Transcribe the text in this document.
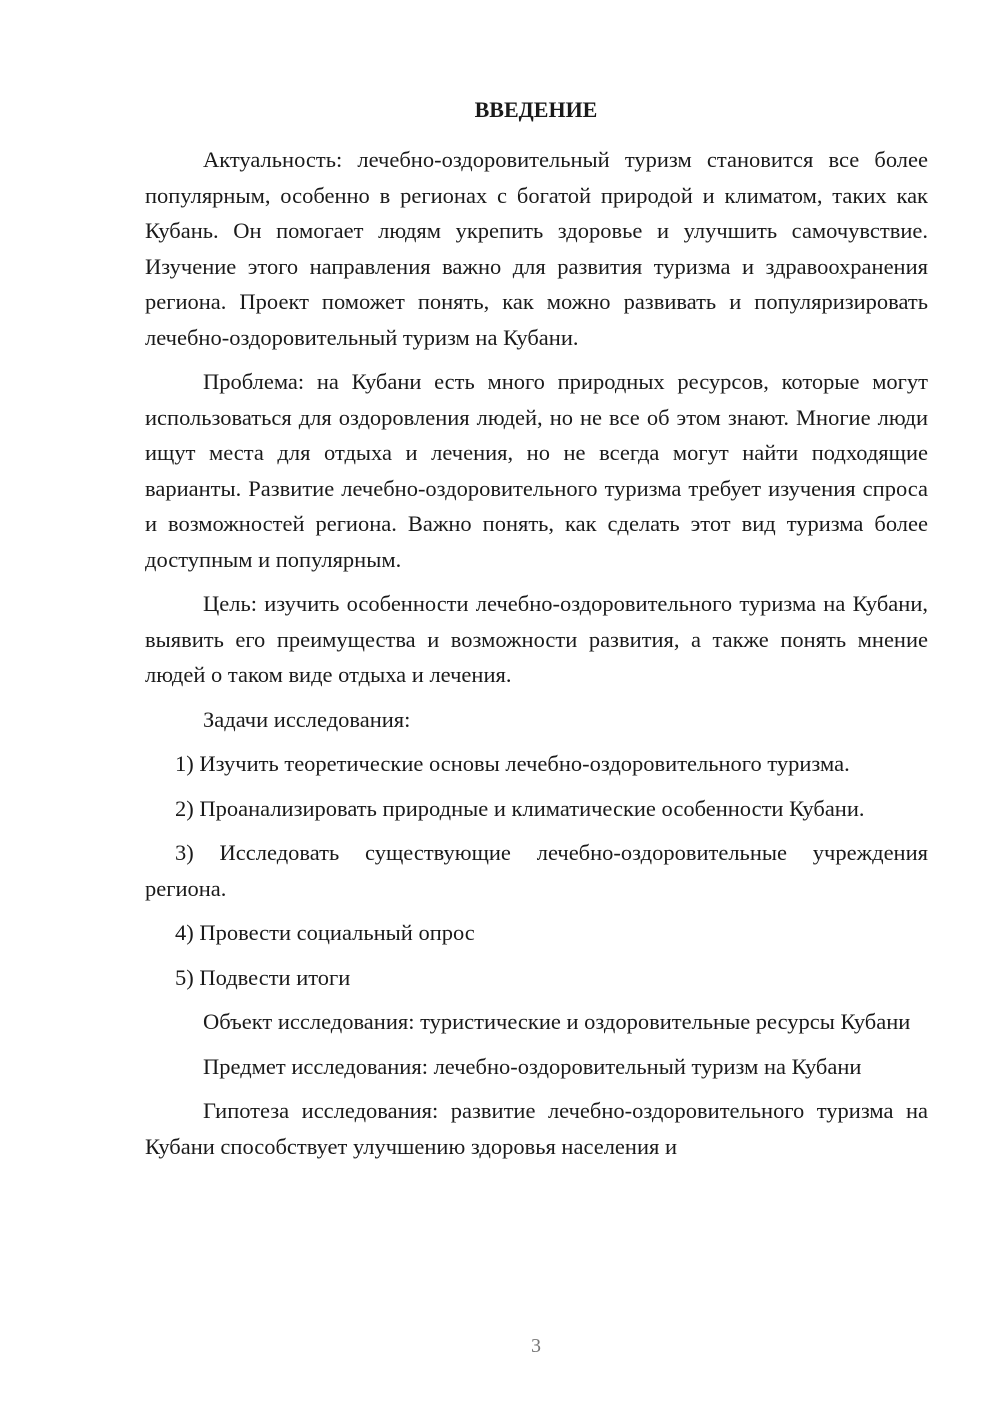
ВВЕДЕНИЕ

Актуальность: лечебно-оздоровительный туризм становится все более популярным, особенно в регионах с богатой природой и климатом, таких как Кубань. Он помогает людям укрепить здоровье и улучшить самочувствие. Изучение этого направления важно для развития туризма и здравоохранения региона. Проект поможет понять, как можно развивать и популяризировать лечебно-оздоровительный туризм на Кубани.

Проблема: на Кубани есть много природных ресурсов, которые могут использоваться для оздоровления людей, но не все об этом знают. Многие люди ищут места для отдыха и лечения, но не всегда могут найти подходящие варианты. Развитие лечебно-оздоровительного туризма требует изучения спроса и возможностей региона. Важно понять, как сделать этот вид туризма более доступным и популярным.

Цель: изучить особенности лечебно-оздоровительного туризма на Кубани, выявить его преимущества и возможности развития, а также понять мнение людей о таком виде отдыха и лечения.

Задачи исследования:

1) Изучить теоретические основы лечебно-оздоровительного туризма.

2) Проанализировать природные и климатические особенности Кубани.

3) Исследовать существующие лечебно-оздоровительные учреждения региона.

4) Провести социальный опрос

5) Подвести итоги

Объект исследования: туристические и оздоровительные ресурсы Кубани

Предмет исследования: лечебно-оздоровительный туризм на Кубани

Гипотеза исследования: развитие лечебно-оздоровительного туризма на Кубани способствует улучшению здоровья населения и

3
